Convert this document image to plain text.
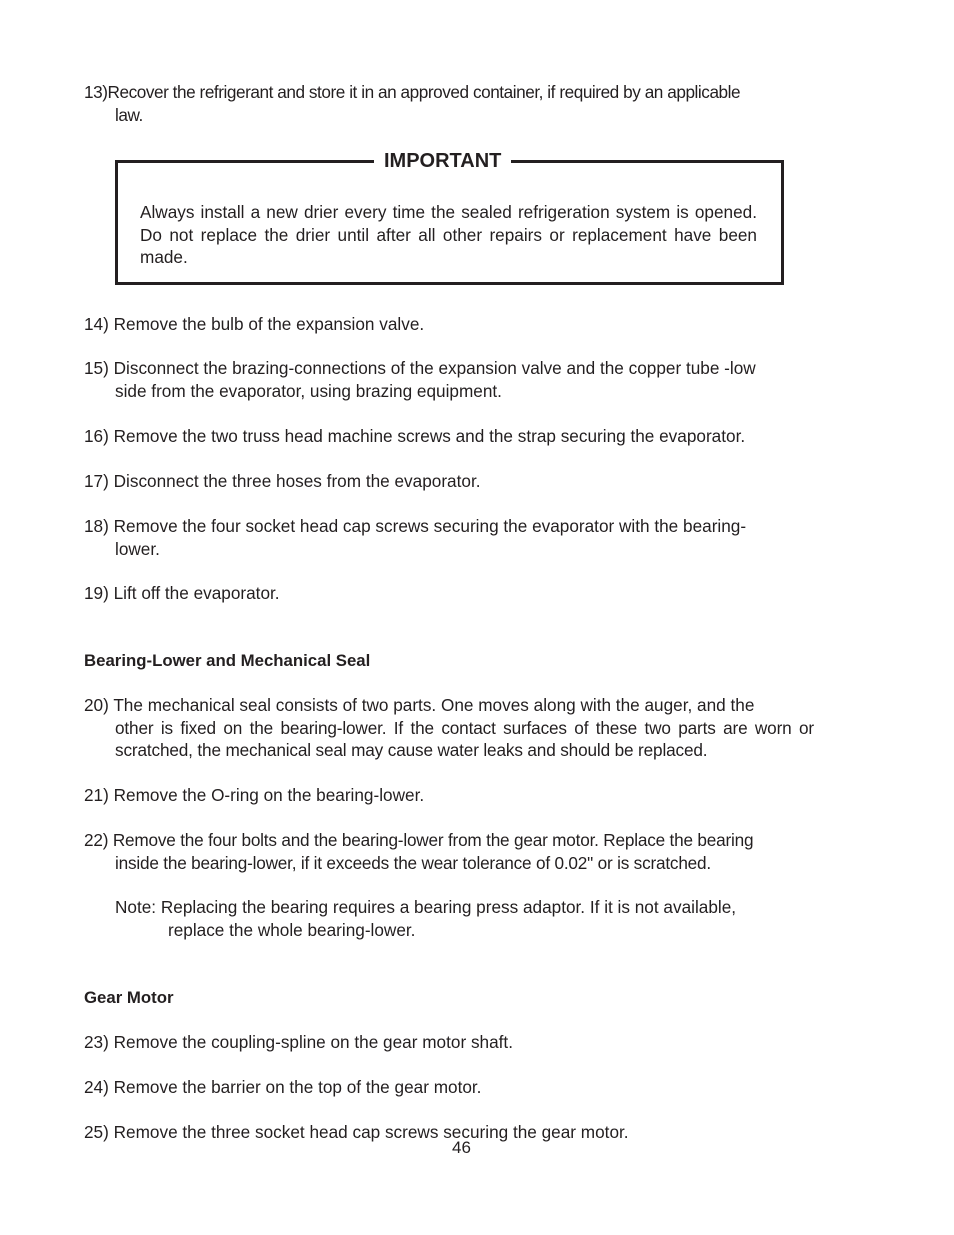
13)Recover the refrigerant and store it in an approved container, if required by an applicable
law.
IMPORTANT
Always install a new drier every time the sealed refrigeration system is opened. Do not replace the drier until after all other repairs or replacement have been made.
14) Remove the bulb of the expansion valve.
15) Disconnect the brazing-connections of the expansion valve and the copper tube -low
side from the evaporator, using brazing equipment.
16) Remove the two truss head machine screws and the strap securing the evaporator.
17) Disconnect the three hoses from the evaporator.
18) Remove the four socket head cap screws securing the evaporator with the bearing-
lower.
19) Lift off the evaporator.
Bearing-Lower and Mechanical Seal
20) The mechanical seal consists of two parts. One moves along with the auger, and the
other is fixed on the bearing-lower. If the contact surfaces of these two parts are worn or scratched, the mechanical seal may cause water leaks and should be replaced.
21) Remove the O-ring on the bearing-lower.
22) Remove the four bolts and the bearing-lower from the gear motor. Replace the bearing
inside the bearing-lower, if it exceeds the wear tolerance of 0.02" or is scratched.
Note: Replacing the bearing requires a bearing press adaptor. If it is not available,
replace the whole bearing-lower.
Gear Motor
23) Remove the coupling-spline on the gear motor shaft.
24) Remove the barrier on the top of the gear motor.
25) Remove the three socket head cap screws securing the gear motor.
46
